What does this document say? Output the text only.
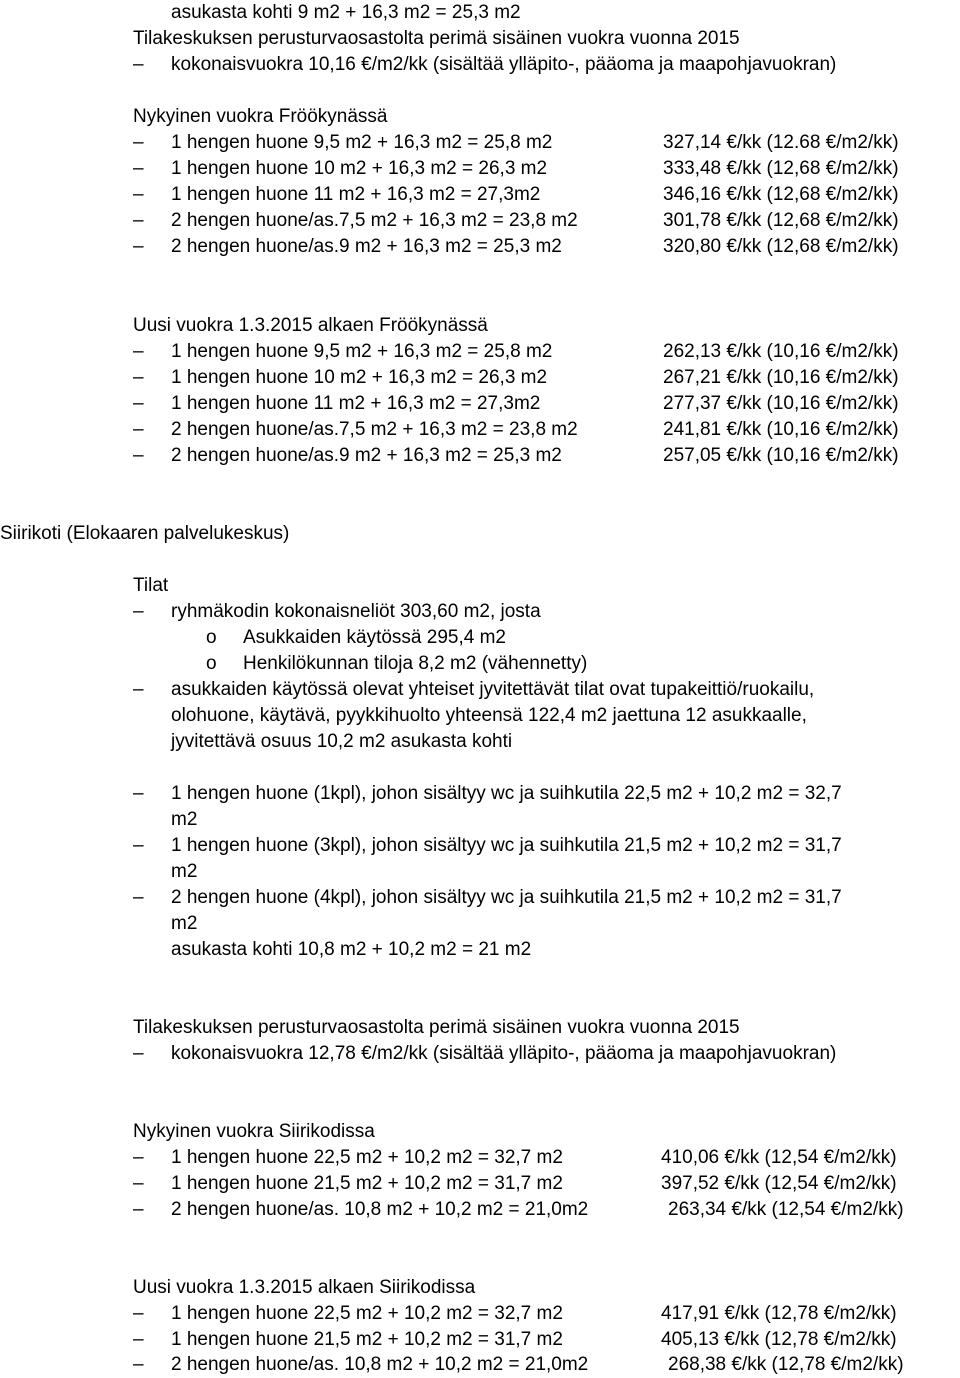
asukasta kohti 9 m2 + 16,3 m2 = 25,3 m2
Tilakeskuksen perusturvaosastolta perimä sisäinen vuokra vuonna 2015
– kokonaisvuokra 10,16 €/m2/kk (sisältää ylläpito-, pääoma ja maapohjavuokran)
Nykyinen vuokra Fröökynässä
– 1 hengen huone 9,5 m2 + 16,3 m2 = 25,8 m2	327,14 €/kk (12.68 €/m2/kk)
– 1 hengen huone 10 m2 + 16,3 m2 = 26,3 m2	333,48 €/kk (12,68 €/m2/kk)
– 1 hengen huone 11 m2 + 16,3 m2 = 27,3m2	346,16 €/kk (12,68 €/m2/kk)
– 2 hengen huone/as.7,5 m2 + 16,3 m2 = 23,8 m2	301,78 €/kk (12,68 €/m2/kk)
– 2 hengen huone/as.9 m2 + 16,3 m2 = 25,3 m2	320,80 €/kk (12,68 €/m2/kk)
Uusi vuokra 1.3.2015 alkaen Fröökynässä
– 1 hengen huone 9,5 m2 + 16,3 m2 = 25,8 m2	262,13 €/kk (10,16 €/m2/kk)
– 1 hengen huone 10 m2 + 16,3 m2 = 26,3 m2	267,21 €/kk (10,16 €/m2/kk)
– 1 hengen huone 11 m2 + 16,3 m2 = 27,3m2	277,37 €/kk (10,16 €/m2/kk)
– 2 hengen huone/as.7,5 m2 + 16,3 m2 = 23,8 m2	241,81 €/kk (10,16 €/m2/kk)
– 2 hengen huone/as.9 m2 + 16,3 m2 = 25,3 m2	257,05 €/kk (10,16 €/m2/kk)
Siirikoti (Elokaaren palvelukeskus)
Tilat
– ryhmäkodin kokonaisneliöt 303,60 m2, josta
o Asukkaiden käytössä 295,4 m2
o Henkilökunnan tiloja 8,2 m2 (vähennetty)
– asukkaiden käytössä olevat yhteiset jyvitettävät tilat ovat tupakeittiö/ruokailu,
olohuone, käytävä, pyykkihuolto yhteensä 122,4 m2 jaettuna 12 asukkaalle,
jyvitettävä osuus 10,2 m2 asukasta kohti
– 1 hengen huone (1kpl), johon sisältyy wc ja suihkutila 22,5 m2 + 10,2 m2 = 32,7
m2
– 1 hengen huone (3kpl), johon sisältyy wc ja suihkutila 21,5 m2 + 10,2 m2 = 31,7
m2
– 2 hengen huone (4kpl), johon sisältyy wc ja suihkutila 21,5 m2 + 10,2 m2 = 31,7
m2
asukasta kohti 10,8 m2 + 10,2 m2 = 21 m2
Tilakeskuksen perusturvaosastolta perimä sisäinen vuokra vuonna 2015
– kokonaisvuokra 12,78 €/m2/kk (sisältää ylläpito-, pääoma ja maapohjavuokran)
Nykyinen vuokra Siirikodissa
– 1 hengen huone 22,5 m2 + 10,2 m2 = 32,7 m2	410,06 €/kk (12,54 €/m2/kk)
– 1 hengen huone 21,5 m2 + 10,2 m2 = 31,7 m2	397,52 €/kk (12,54 €/m2/kk)
– 2 hengen huone/as. 10,8 m2 + 10,2 m2 = 21,0m2	263,34 €/kk (12,54 €/m2/kk)
Uusi vuokra 1.3.2015 alkaen Siirikodissa
– 1 hengen huone 22,5 m2 + 10,2 m2 = 32,7 m2	417,91 €/kk (12,78 €/m2/kk)
– 1 hengen huone 21,5 m2 + 10,2 m2 = 31,7 m2	405,13 €/kk (12,78 €/m2/kk)
– 2 hengen huone/as. 10,8 m2 + 10,2 m2 = 21,0m2	268,38 €/kk (12,78 €/m2/kk)
